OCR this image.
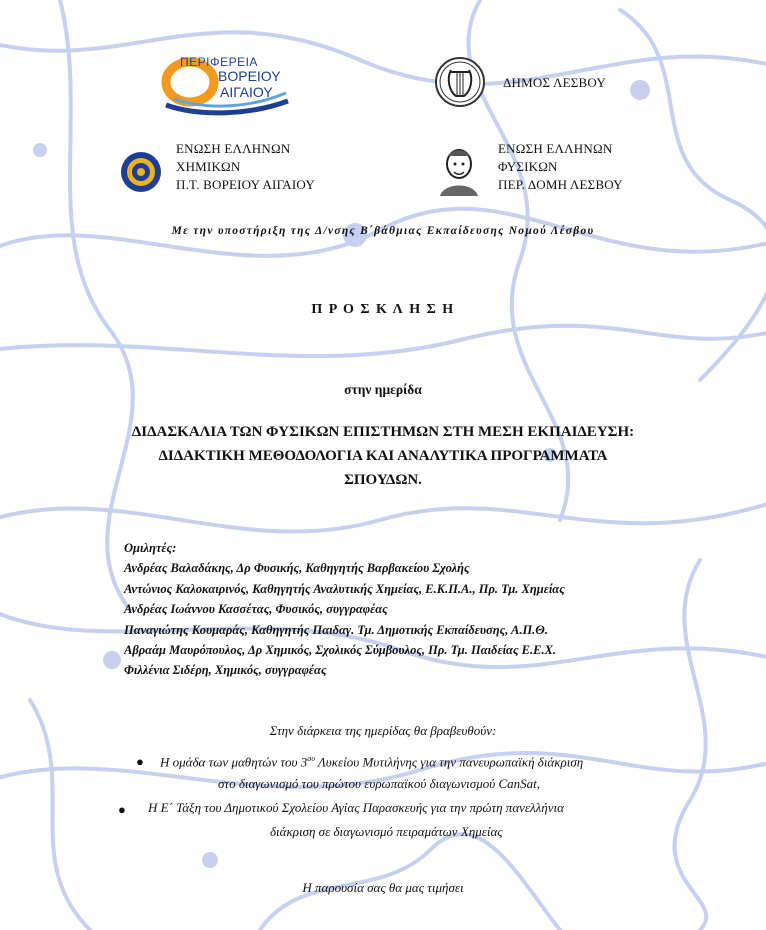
ΠΕΡΙΦΕΡΕΙΑ
ΒΟΡΕΙΟΥ
ΑΙΓΑΙΟΥ
ΔΗΜΟΣ ΛΕΣΒΟΥ
ΕΝΩΣΗ ΕΛΛΗΝΩΝ
ΧΗΜΙΚΩΝ
Π.Τ. ΒΟΡΕΙΟΥ ΑΙΓΑΙΟΥ
ΕΝΩΣΗ ΕΛΛΗΝΩΝ
ΦΥΣΙΚΩΝ
ΠΕΡ. ΔΟΜΗ ΛΕΣΒΟΥ
Με την υποστήριξη της Δ/νσης Β΄βάθμιας Εκπαίδευσης Νομού Λέσβου
Π Ρ Ο Σ Κ Λ Η Σ Η
στην ημερίδα
ΔΙΔΑΣΚΑΛΙΑ ΤΩΝ ΦΥΣΙΚΩΝ ΕΠΙΣΤΗΜΩΝ ΣΤΗ ΜΕΣΗ ΕΚΠΑΙΔΕΥΣΗ:
ΔΙΔΑΚΤΙΚΗ ΜΕΘΟΔΟΛΟΓΙΑ ΚΑΙ ΑΝΑΛΥΤΙΚΑ ΠΡΟΓΡΑΜΜΑΤΑ
ΣΠΟΥΔΩΝ.
Ομιλητές:
Ανδρέας Βαλαδάκης, Δρ Φυσικής, Καθηγητής Βαρβακείου Σχολής
Αντώνιος Καλοκαιρινός, Καθηγητής Αναλυτικής Χημείας, Ε.Κ.Π.Α., Πρ. Τμ. Χημείας
Ανδρέας Ιωάννου Κασσέτας, Φυσικός, συγγραφέας
Παναγιώτης Κουμαράς, Καθηγητής Παιδαγ. Τμ. Δημοτικής Εκπαίδευσης, Α.Π.Θ.
Αβραάμ Μαυρόπουλος, Δρ Χημικός, Σχολικός Σύμβουλος, Πρ. Τμ. Παιδείας Ε.Ε.Χ.
Φιλλένια Σιδέρη, Χημικός, συγγραφέας
Στην διάρκεια της ημερίδας θα βραβευθούν:
● Η ομάδα των μαθητών του $3^{o\upsilon}$ Λυκείου Μυτιλήνης για την πανευρωπαϊκή διάκριση
στο διαγωνισμό του πρώτου ευρωπαϊκού διαγωνισμού CanSat,
● Η Ε΄ Τάξη του Δημοτικού Σχολείου Αγίας Παρασκευής για την πρώτη πανελλήνια
διάκριση σε διαγωνισμό πειραμάτων Χημείας
Η παρουσία σας θα μας τιμήσει
